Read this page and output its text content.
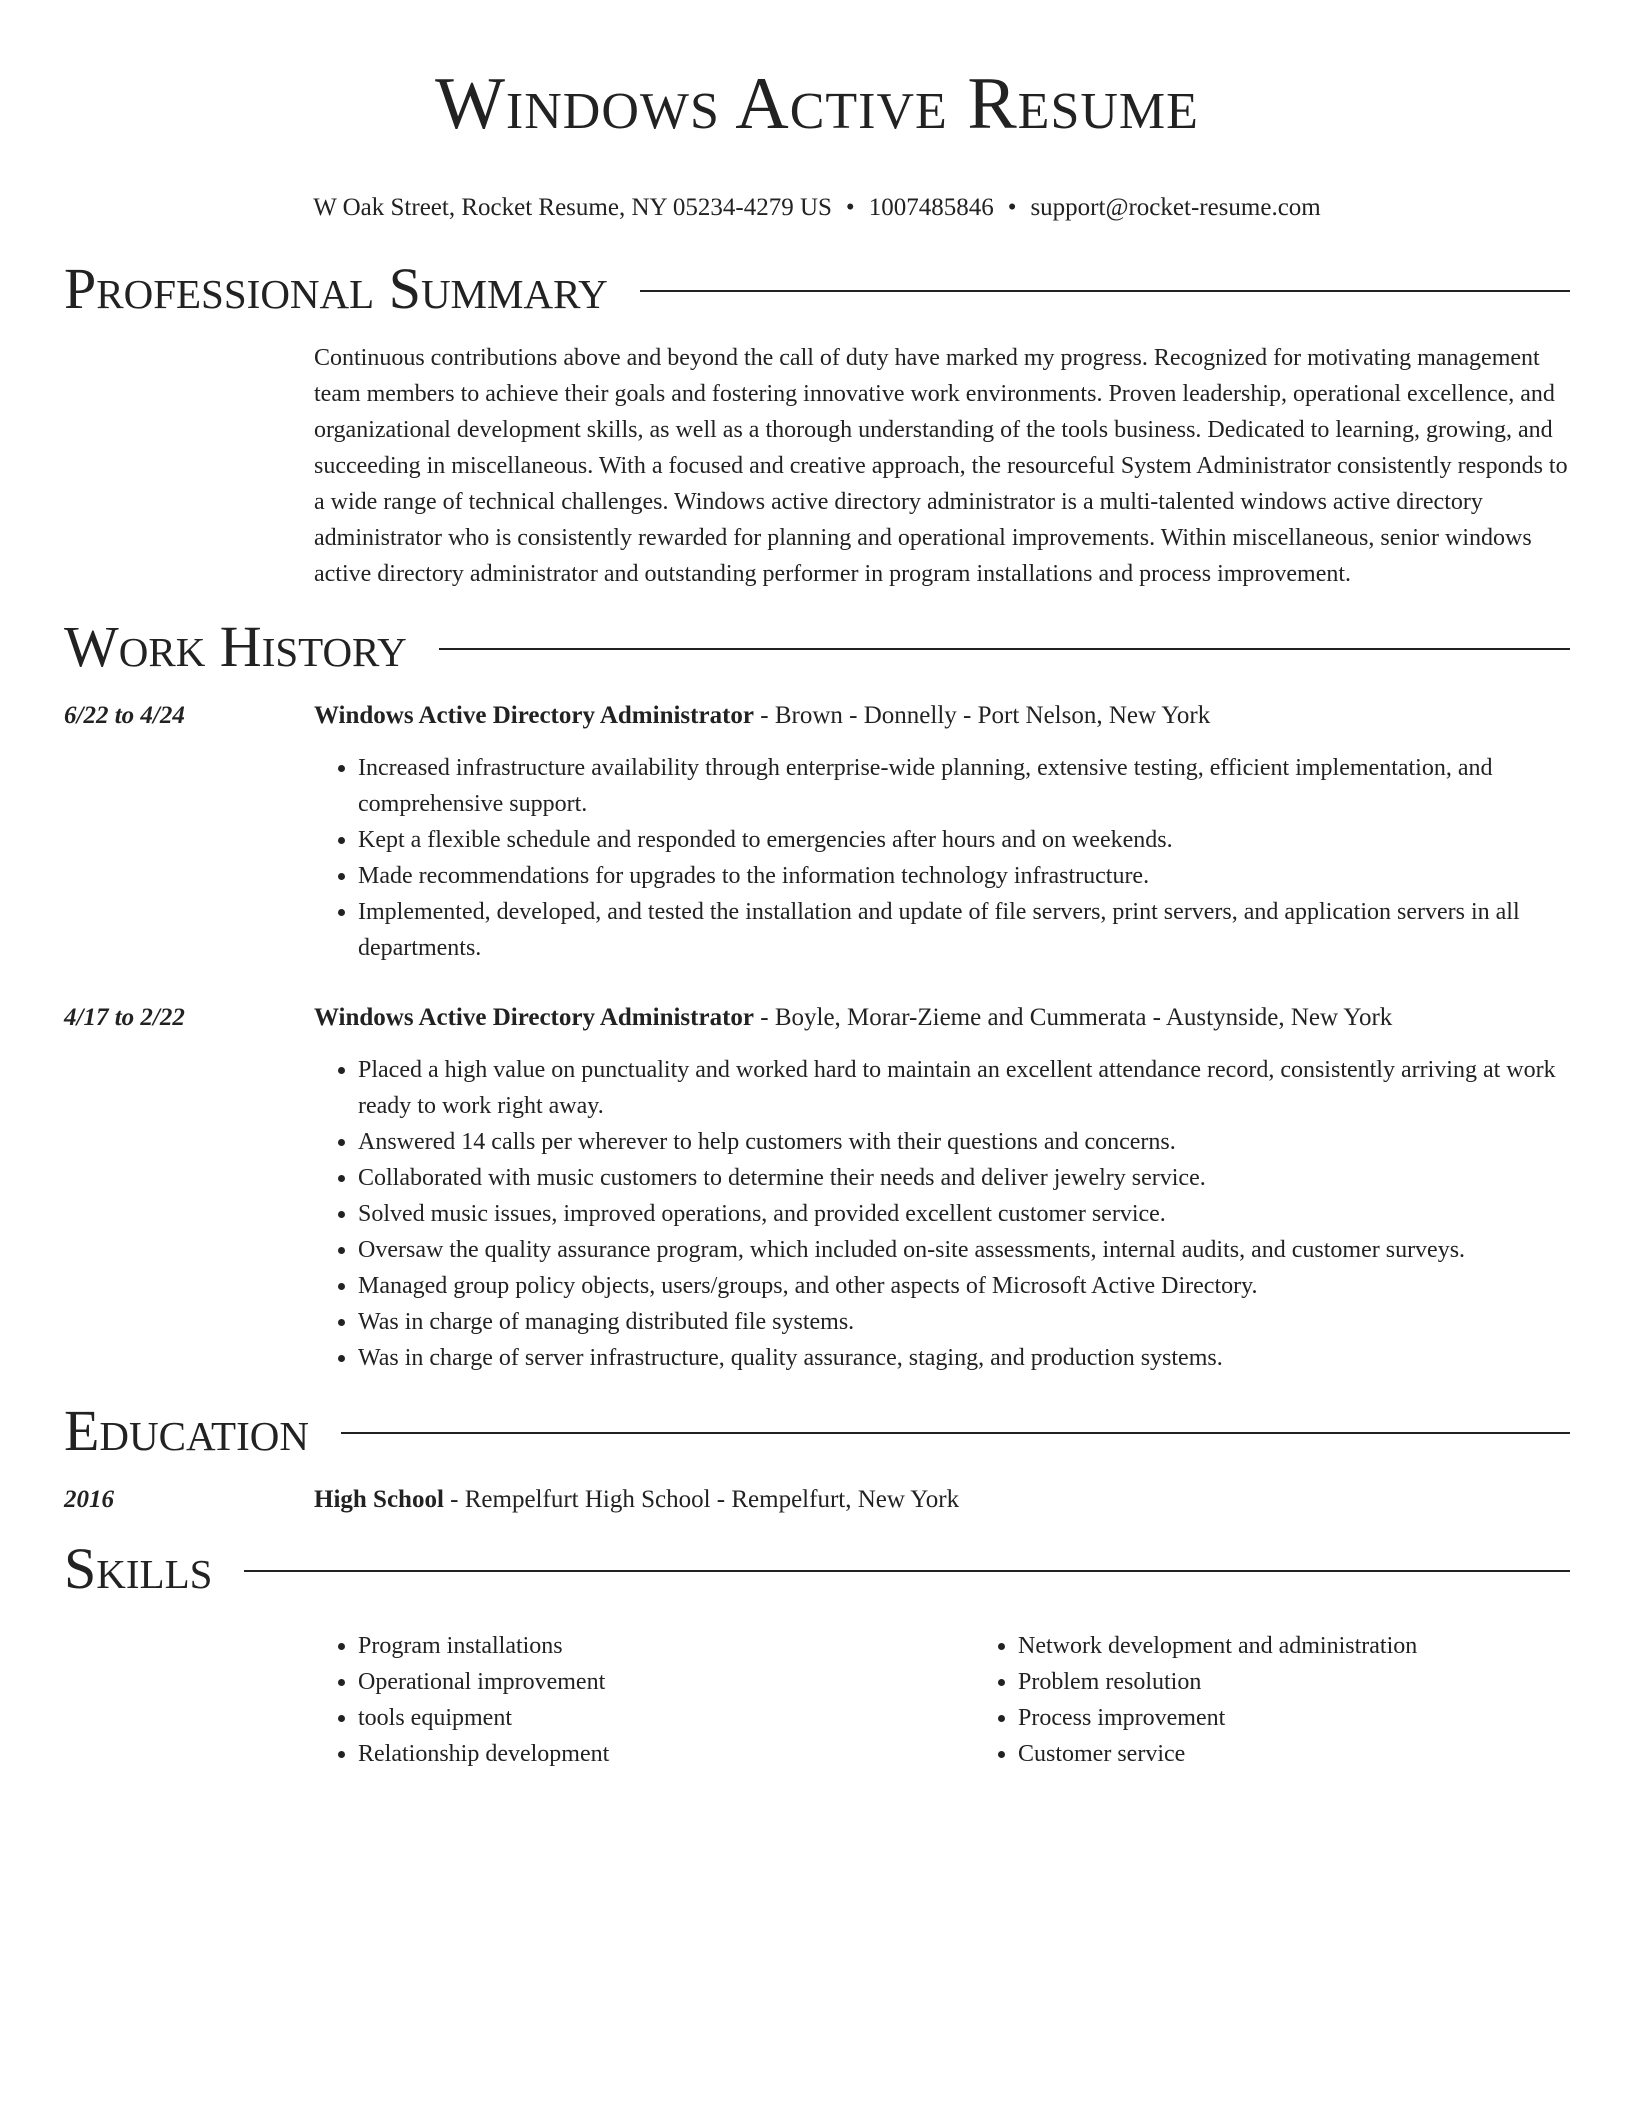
Windows Active Resume
W Oak Street, Rocket Resume, NY 05234-4279 US • 1007485846 • support@rocket-resume.com
Professional Summary

Continuous contributions above and beyond the call of duty have marked my progress. Recognized for motivating management team members to achieve their goals and fostering innovative work environments. Proven leadership, operational excellence, and organizational development skills, as well as a thorough understanding of the tools business. Dedicated to learning, growing, and succeeding in miscellaneous. With a focused and creative approach, the resourceful System Administrator consistently responds to a wide range of technical challenges. Windows active directory administrator is a multi-talented windows active directory administrator who is consistently rewarded for planning and operational improvements. Within miscellaneous, senior windows active directory administrator and outstanding performer in program installations and process improvement.

Work History
6/22 to 4/24	Windows Active Directory Administrator - Brown - Donnelly - Port Nelson, New York
• Increased infrastructure availability through enterprise-wide planning, extensive testing, efficient implementation, and comprehensive support.
• Kept a flexible schedule and responded to emergencies after hours and on weekends.
• Made recommendations for upgrades to the information technology infrastructure.
• Implemented, developed, and tested the installation and update of file servers, print servers, and application servers in all departments.
4/17 to 2/22	Windows Active Directory Administrator - Boyle, Morar-Zieme and Cummerata - Austynside, New York
• Placed a high value on punctuality and worked hard to maintain an excellent attendance record, consistently arriving at work ready to work right away.
• Answered 14 calls per wherever to help customers with their questions and concerns.
• Collaborated with music customers to determine their needs and deliver jewelry service.
• Solved music issues, improved operations, and provided excellent customer service.
• Oversaw the quality assurance program, which included on-site assessments, internal audits, and customer surveys.
• Managed group policy objects, users/groups, and other aspects of Microsoft Active Directory.
• Was in charge of managing distributed file systems.
• Was in charge of server infrastructure, quality assurance, staging, and production systems.
Education
2016	High School - Rempelfurt High School - Rempelfurt, New York
Skills
• Program installations
• Operational improvement
• tools equipment
• Relationship development
• Network development and administration
• Problem resolution
• Process improvement
• Customer service
